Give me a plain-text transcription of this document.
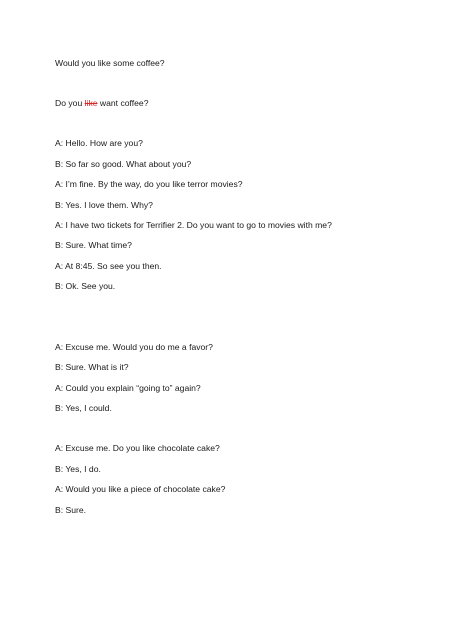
Would you like some coffee?
Do you like want coffee?
A: Hello. How are you?
B: So far so good. What about you?
A: I’m fine. By the way, do you like terror movies?
B: Yes. I love them. Why?
A: I have two tickets for Terrifier 2. Do you want to go to movies with me?
B: Sure. What time?
A: At 8:45. So see you then.
B: Ok. See you.
A: Excuse me. Would you do me a favor?
B: Sure. What is it?
A: Could you explain “going to” again?
B: Yes, I could.
A: Excuse me. Do you like chocolate cake?
B: Yes, I do.
A: Would you like a piece of chocolate cake?
B: Sure.
